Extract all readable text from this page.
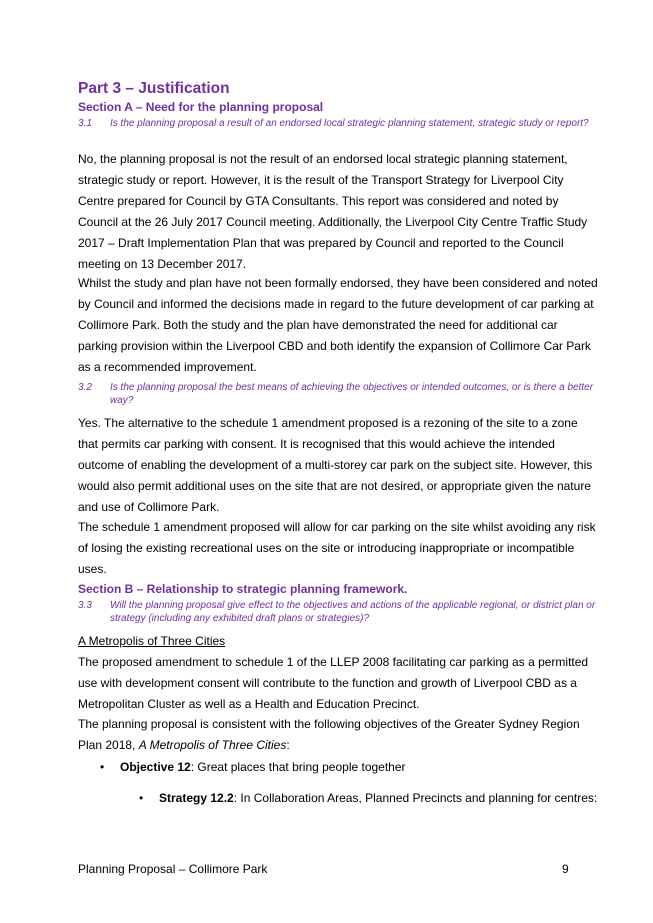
Part 3 – Justification
Section A – Need for the planning proposal
3.1 Is the planning proposal a result of an endorsed local strategic planning statement, strategic study or report?

No, the planning proposal is not the result of an endorsed local strategic planning statement, strategic study or report. However, it is the result of the Transport Strategy for Liverpool City Centre prepared for Council by GTA Consultants. This report was considered and noted by Council at the 26 July 2017 Council meeting. Additionally, the Liverpool City Centre Traffic Study 2017 – Draft Implementation Plan that was prepared by Council and reported to the Council meeting on 13 December 2017.

Whilst the study and plan have not been formally endorsed, they have been considered and noted by Council and informed the decisions made in regard to the future development of car parking at Collimore Park. Both the study and the plan have demonstrated the need for additional car parking provision within the Liverpool CBD and both identify the expansion of Collimore Car Park as a recommended improvement.

3.2 Is the planning proposal the best means of achieving the objectives or intended outcomes, or is there a better way?

Yes. The alternative to the schedule 1 amendment proposed is a rezoning of the site to a zone that permits car parking with consent. It is recognised that this would achieve the intended outcome of enabling the development of a multi-storey car park on the subject site. However, this would also permit additional uses on the site that are not desired, or appropriate given the nature and use of Collimore Park.

The schedule 1 amendment proposed will allow for car parking on the site whilst avoiding any risk of losing the existing recreational uses on the site or introducing inappropriate or incompatible uses.

Section B – Relationship to strategic planning framework.
3.3 Will the planning proposal give effect to the objectives and actions of the applicable regional, or district plan or strategy (including any exhibited draft plans or strategies)?

A Metropolis of Three Cities

The proposed amendment to schedule 1 of the LLEP 2008 facilitating car parking as a permitted use with development consent will contribute to the function and growth of Liverpool CBD as a Metropolitan Cluster as well as a Health and Education Precinct.

The planning proposal is consistent with the following objectives of the Greater Sydney Region Plan 2018, A Metropolis of Three Cities:

• Objective 12: Great places that bring people together
• Strategy 12.2: In Collaboration Areas, Planned Precincts and planning for centres:
Planning Proposal – Collimore Park	9
